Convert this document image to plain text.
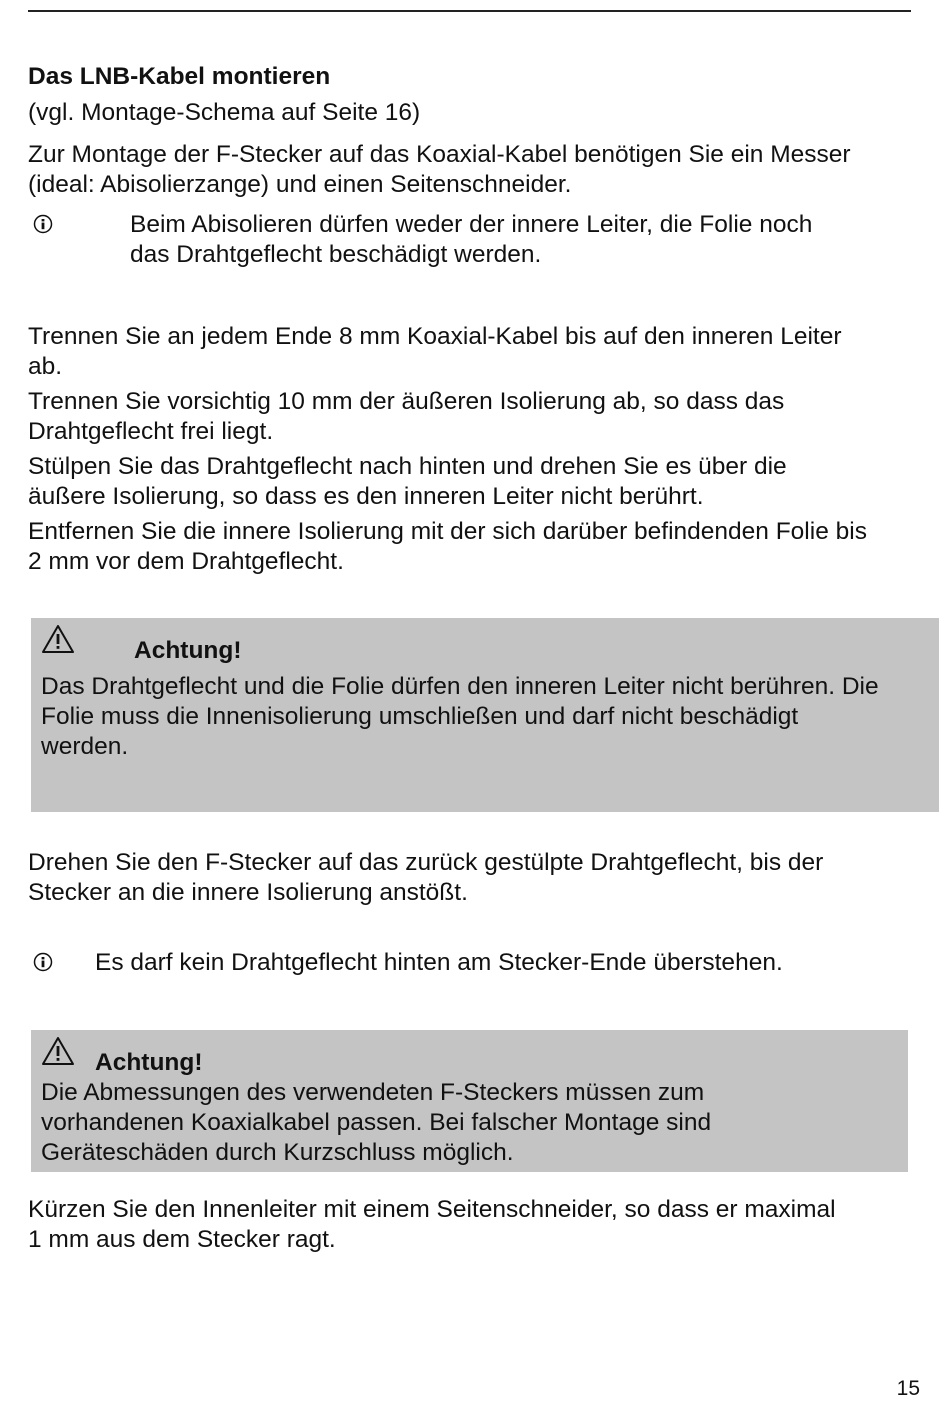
Das LNB-Kabel montieren
(vgl. Montage-Schema auf Seite 16)
Zur Montage der F-Stecker auf das Koaxial-Kabel benötigen Sie ein Messer
(ideal: Abisolierzange) und einen Seitenschneider.
Beim Abisolieren dürfen weder der innere Leiter, die Folie noch
das Drahtgeflecht beschädigt werden.
Trennen Sie an jedem Ende 8 mm Koaxial-Kabel bis auf den inneren Leiter
ab.
Trennen Sie vorsichtig 10 mm der äußeren Isolierung ab, so dass das
Drahtgeflecht frei liegt.
Stülpen Sie das Drahtgeflecht nach hinten und drehen Sie es über die
äußere Isolierung, so dass es den inneren Leiter nicht berührt.
Entfernen Sie die innere Isolierung mit der sich darüber befindenden Folie bis
2 mm vor dem Drahtgeflecht.
Achtung!
Das Drahtgeflecht und die Folie dürfen den inneren Leiter nicht berühren. Die
Folie muss die Innenisolierung umschließen und darf nicht beschädigt
werden.
Drehen Sie den F-Stecker auf das zurück gestülpte Drahtgeflecht, bis der
Stecker an die innere Isolierung anstößt.
Es darf kein Drahtgeflecht hinten am Stecker-Ende überstehen.
Achtung!
Die Abmessungen des verwendeten F-Steckers müssen zum
vorhandenen Koaxialkabel passen. Bei falscher Montage sind
Geräteschäden durch Kurzschluss möglich.
Kürzen Sie den Innenleiter mit einem Seitenschneider, so dass er maximal
1 mm aus dem Stecker ragt.
15
